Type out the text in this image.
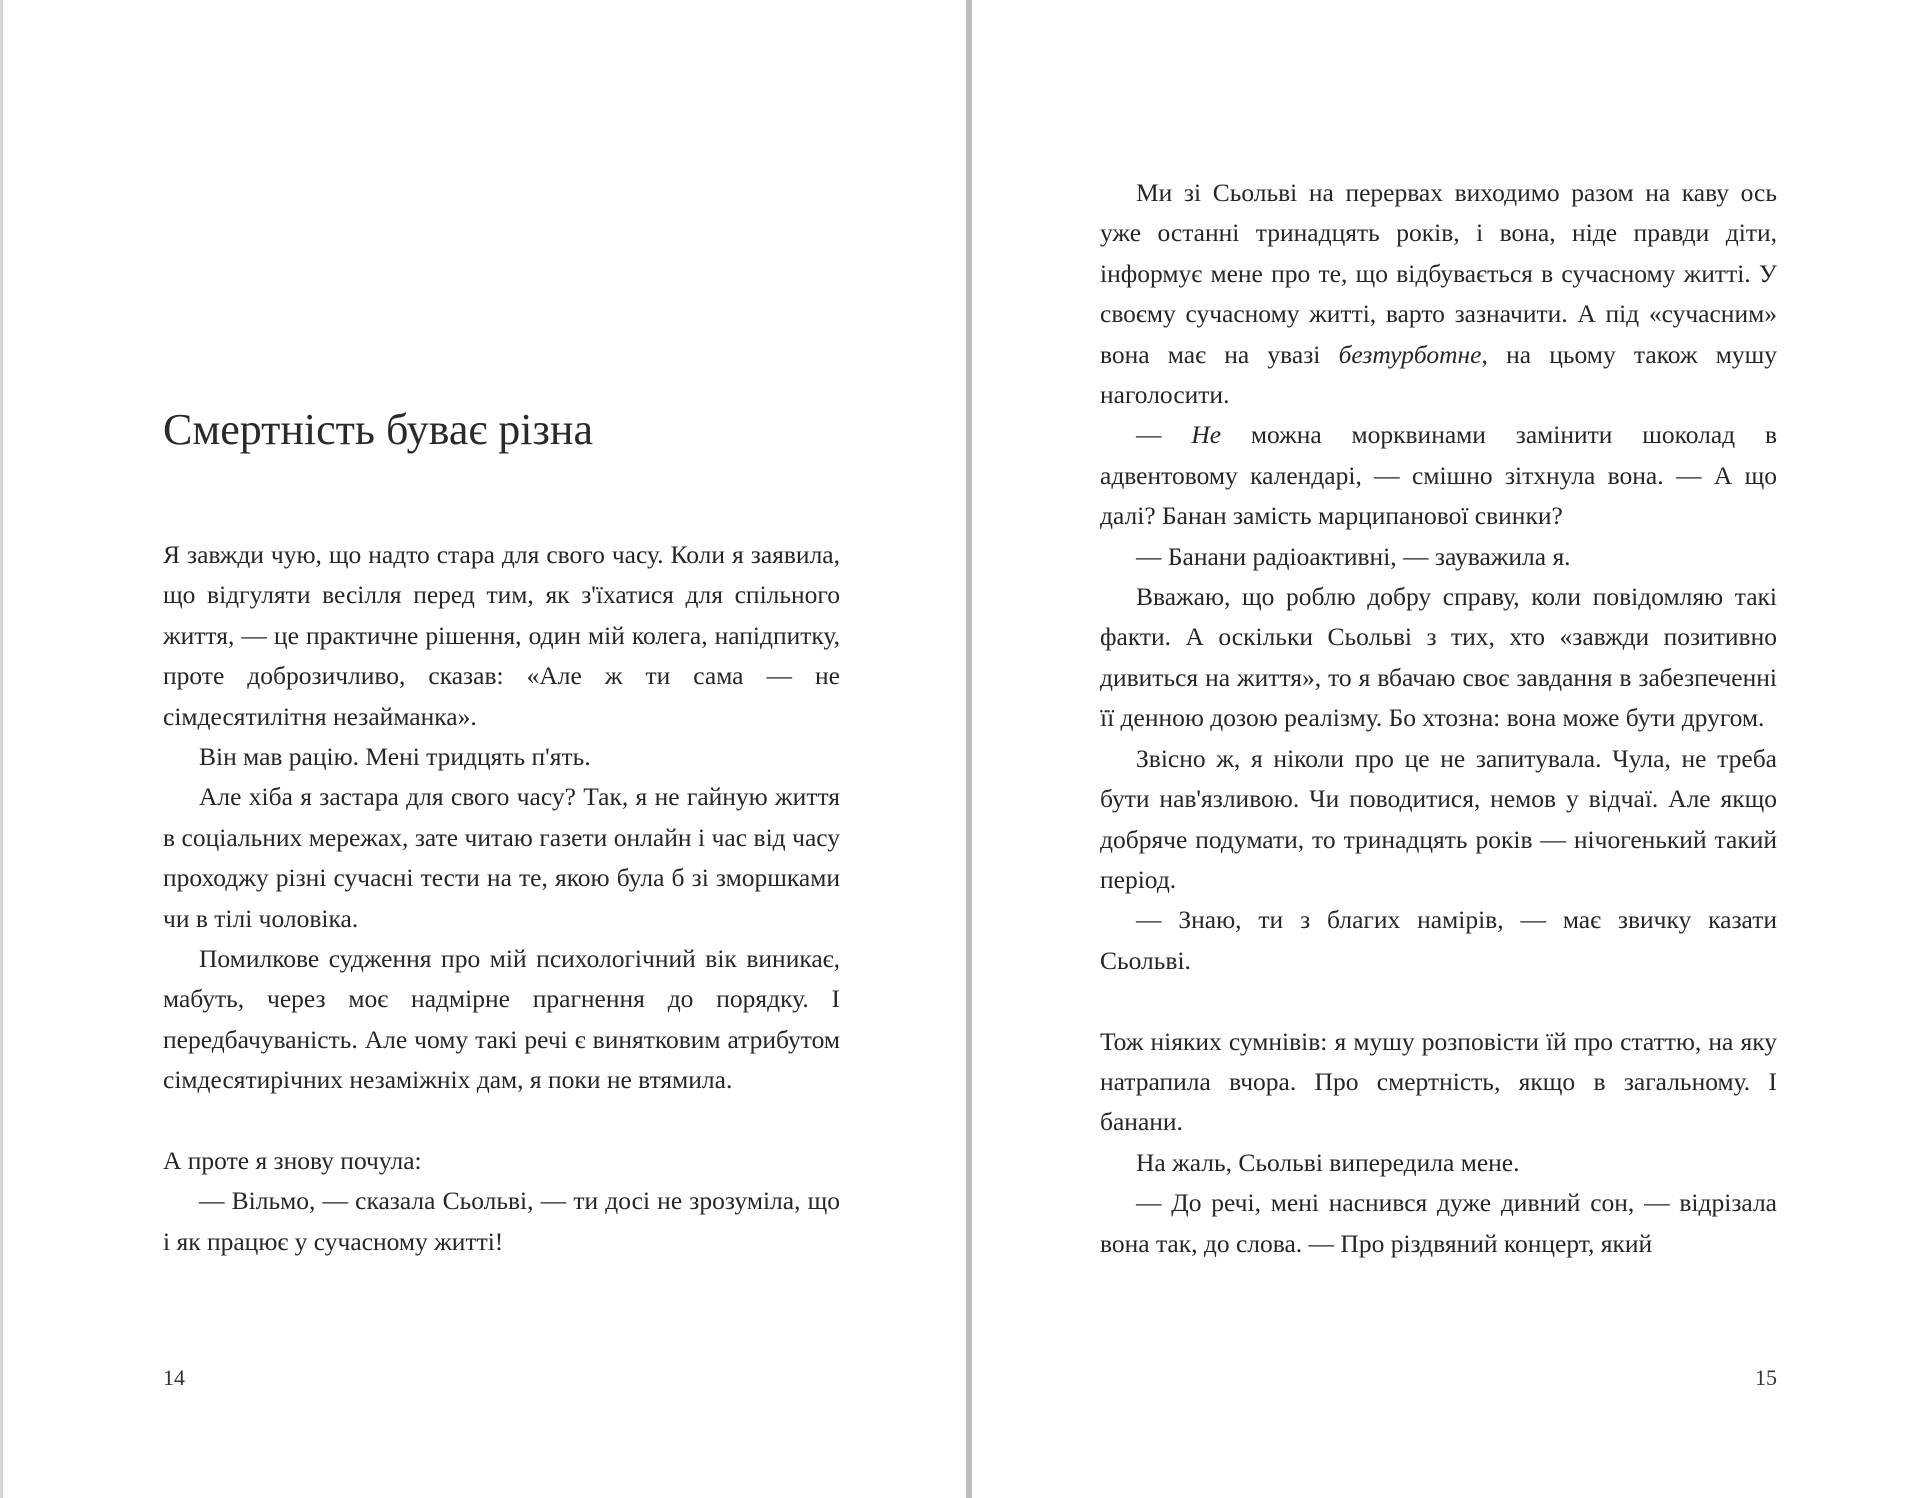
Смертність буває різна

Я завжди чую, що надто стара для свого часу. Коли я заявила, що відгуляти весілля перед тим, як з'їхатися для спільного життя, — це практичне рішення, один мій колега, напідпитку, проте доброзичливо, сказав: «Але ж ти сама — не сімдесятилітня незайманка».

Він мав рацію. Мені тридцять п'ять.

Але хіба я застара для свого часу? Так, я не гайную життя в соціальних мережах, зате читаю газети онлайн і час від часу проходжу різні сучасні тести на те, якою була б зі зморшками чи в тілі чоловіка.

Помилкове судження про мій психологічний вік виникає, мабуть, через моє надмірне прагнення до порядку. І передбачуваність. Але чому такі речі є винятковим атрибутом сімдесятирічних незаміжніх дам, я поки не втямила.

А проте я знову почула:

— Вільмо, — сказала Сьольві, — ти досі не зрозуміла, що і як працює у сучасному житті!

14

Ми зі Сьольві на перервах виходимо разом на каву ось уже останні тринадцять років, і вона, ніде правди діти, інформує мене про те, що відбувається в сучасному житті. У своєму сучасному житті, варто зазначити. А під «сучасним» вона має на увазі безтурботне, на цьому також мушу наголосити.

— Не можна морквинами замінити шоколад в адвентовому календарі, — смішно зітхнула вона. — А що далі? Банан замість марципанової свинки?

— Банани радіоактивні, — зауважила я.

Вважаю, що роблю добру справу, коли повідомляю такі факти. А оскільки Сьольві з тих, хто «завжди позитивно дивиться на життя», то я вбачаю своє завдання в забезпеченні її денною дозою реалізму. Бо хтозна: вона може бути другом.

Звісно ж, я ніколи про це не запитувала. Чула, не треба бути нав'язливою. Чи поводитися, немов у відчаї. Але якщо добряче подумати, то тринадцять років — нічогенький такий період.

— Знаю, ти з благих намірів, — має звичку казати Сьольві.

Тож ніяких сумнівів: я мушу розповісти їй про статтю, на яку натрапила вчора. Про смертність, якщо в загальному. І банани.

На жаль, Сьольві випередила мене.

— До речі, мені наснився дуже дивний сон, — відрізала вона так, до слова. — Про різдвяний концерт, який

15
